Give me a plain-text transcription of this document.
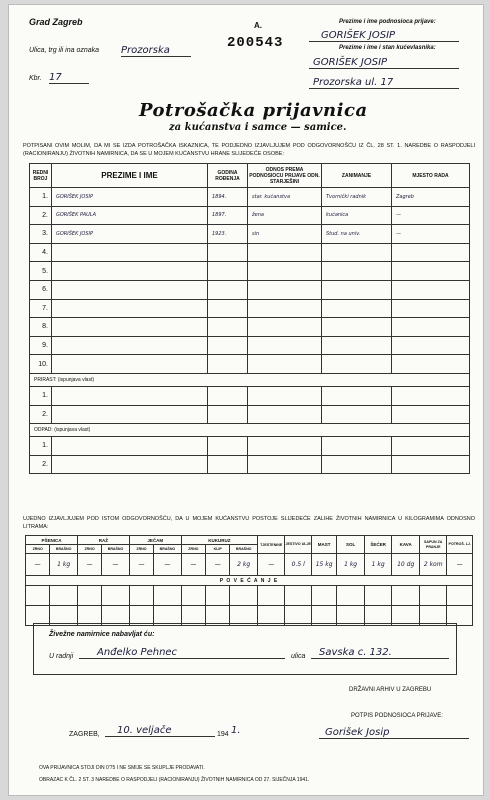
Grad Zagreb
Ulica, trg ili ina oznaka Prozorska
Kbr. 17
A.
200543
Prezime i ime podnosioca prijave:
GORIŠEK JOSIP
Prezime i ime i stan kućevlasnika:
GORIŠEK JOSIP
Prozorska ul. 17
Potrošačka prijavnica
za kućanstva i samce — samice.
POTPISANI OVIM MOLIM, DA MI SE IZDA POTROŠAČKA ISKAZNICA, TE PODJEDNO IZJAVLJUJEM POD ODGOVORNOŠĆU IZ ČL. 28 ST. 1. NAREDBE O RASPODJELI (RACIONIRANJU) ŽIVOTNIH NAMIRNICA, DA SE U MOJEM KUĆANSTVU HRANE SLIJEDEĆE OSOBE:
REDNI BROJ	PREZIME I IME	GODINA ROĐENJA	ODNOS PREMA PODNOSIOCU PRIJAVE ODN. STARJEŠINI	ZANIMANJE	MJESTO RADA
1.	GORIŠEK JOSIP	1894.	star. kućanstva	Tvornički radnik	Zagreb
2.	GORIŠEK PAULA	1897.	žena	kućanica	—
3.	GORIŠEK JOSIP	1923.	sin	Stud. na univ.	—
4.					
5.					
6.					
7.					
8.					
9.					
10.					
PRIRAST: (ispunjava vlast)					
1.					
2.					
ODPAD: (ispunjava vlast)					
1.					
2.					
UJEDNO IZJAVLJUJEM POD ISTOM ODGOVORNOŠĆU, DA U MOJEM KUĆANSTVU POSTOJE SLIJEDEĆE ZALIHE ŽIVOTNIH NAMIRNICA U KILOGRAMIMA ODNOSNO LITRAMA:
PŠENICA		RAŽ		JEČAM		KUKURUZ			TJESTENINE	JESTIVO ULJE	MAST	SOL	ŠEĆER	KAVA	SAPUN ZA PRANJE	POTROŠ. LJ.
ZRNO	BRAŠNO	ZRNO	BRAŠNO	ZRNO	BRAŠNO	ZRNO	KLIP	BRAŠNO								
—	1 kg	—	—	—	—	—	—	2 kg	—	0.5 l	15 kg	1 kg	1 kg	10 dg	2 kom	—
P O V E Ć A N J E																

Živežne namirnice nabavljat ću:
U radnji	Anđelko Pehnec	ulica	Savska c. 132.
DRŽAVNI ARHIV U ZAGREBU
ZAGREB,	10. veljače	194 1.
POTPIS PODNOSIOCA PRIJAVE:
Gorišek Josip
OVA PRIJAVNICA STOJI DIN 0'75 I NE SMIJE SE SKUPLJE PRODAVATI.
OBRAZAC K ČL. 2 ST. 3 NAREDBE O RASPODJELI (RACIONIRANJU) ŽIVOTNIH NAMIRNICA OD 27. SIJEČNJA 1941.
